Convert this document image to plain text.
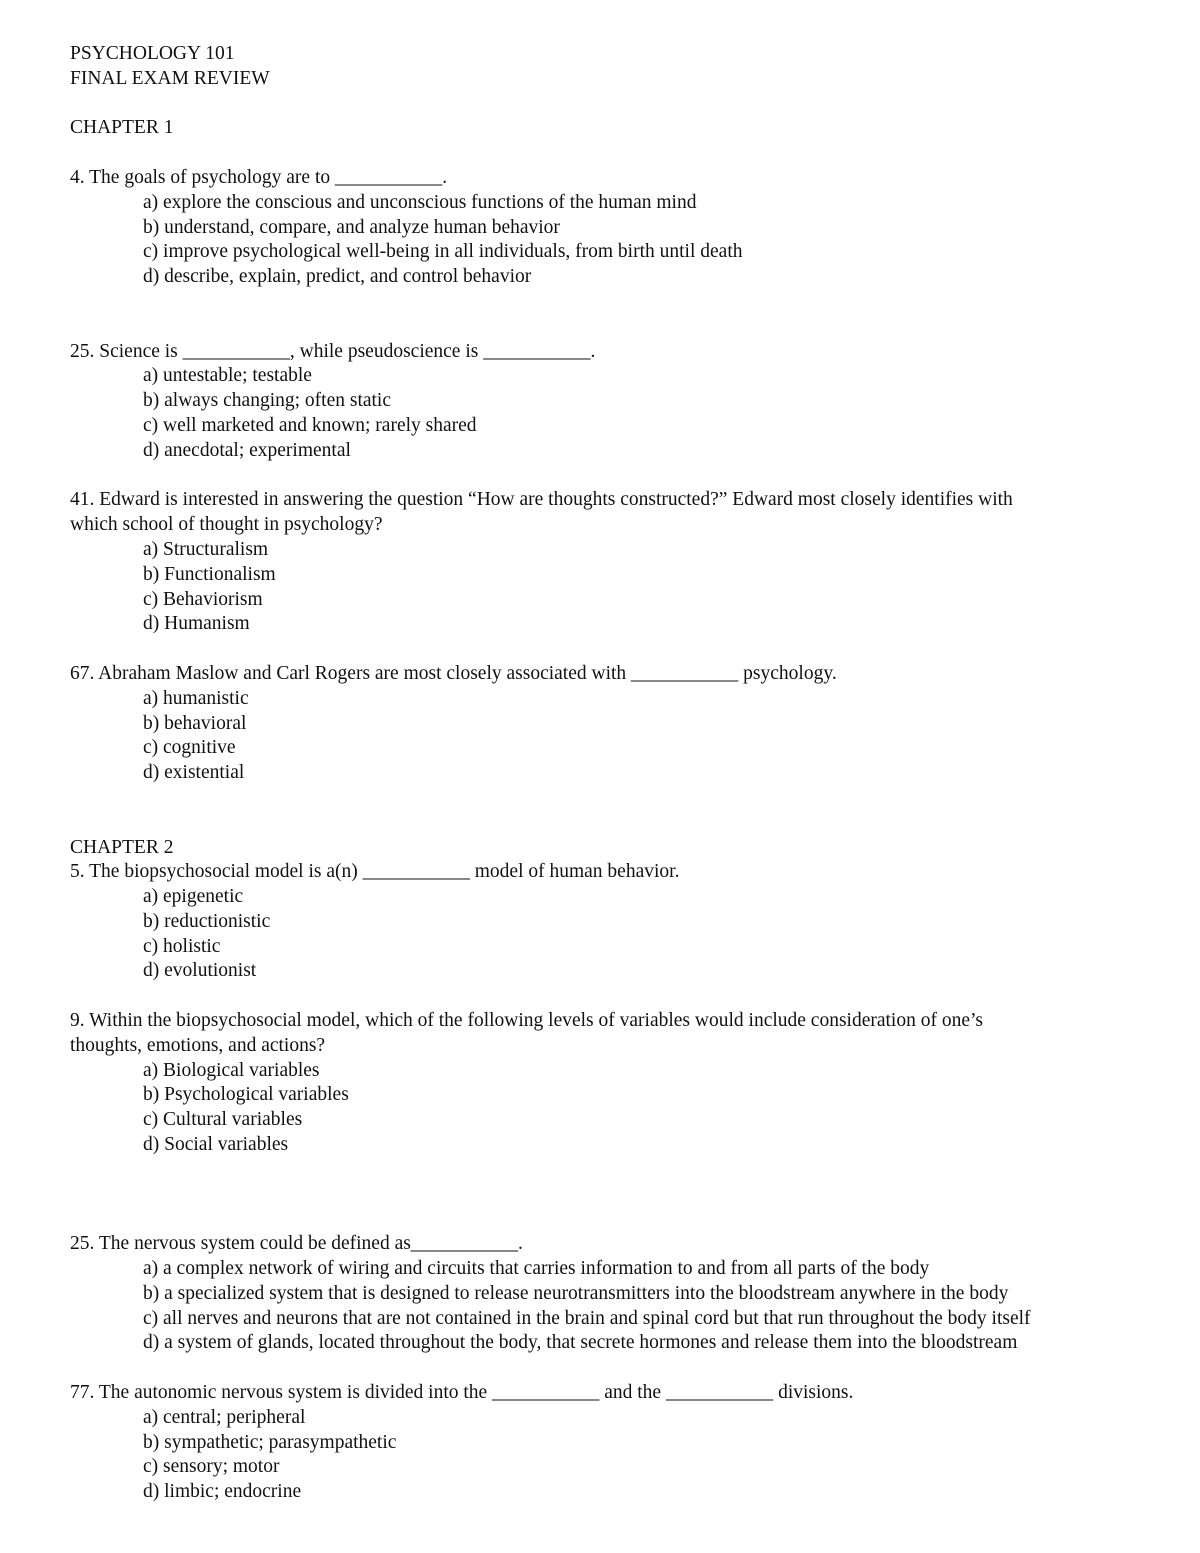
PSYCHOLOGY 101
FINAL EXAM REVIEW
CHAPTER 1
4. The goals of psychology are to ___________.
a) explore the conscious and unconscious functions of the human mind
b) understand, compare, and analyze human behavior
c) improve psychological well-being in all individuals, from birth until death
d) describe, explain, predict, and control behavior
25. Science is ___________, while pseudoscience is ___________.
a) untestable; testable
b) always changing; often static
c) well marketed and known; rarely shared
d) anecdotal; experimental
41. Edward is interested in answering the question “How are thoughts constructed?” Edward most closely identifies with
which school of thought in psychology?
a) Structuralism
b) Functionalism
c) Behaviorism
d) Humanism
67. Abraham Maslow and Carl Rogers are most closely associated with ___________ psychology.
a) humanistic
b) behavioral
c) cognitive
d) existential
CHAPTER 2
5. The biopsychosocial model is a(n) ___________ model of human behavior.
a) epigenetic
b) reductionistic
c) holistic
d) evolutionist
9. Within the biopsychosocial model, which of the following levels of variables would include consideration of one’s
thoughts, emotions, and actions?
a) Biological variables
b) Psychological variables
c) Cultural variables
d) Social variables
25. The nervous system could be defined as___________.
a) a complex network of wiring and circuits that carries information to and from all parts of the body
b) a specialized system that is designed to release neurotransmitters into the bloodstream anywhere in the body
c) all nerves and neurons that are not contained in the brain and spinal cord but that run throughout the body itself
d) a system of glands, located throughout the body, that secrete hormones and release them into the bloodstream
77. The autonomic nervous system is divided into the ___________ and the ___________ divisions.
a) central; peripheral
b) sympathetic; parasympathetic
c) sensory; motor
d) limbic; endocrine
